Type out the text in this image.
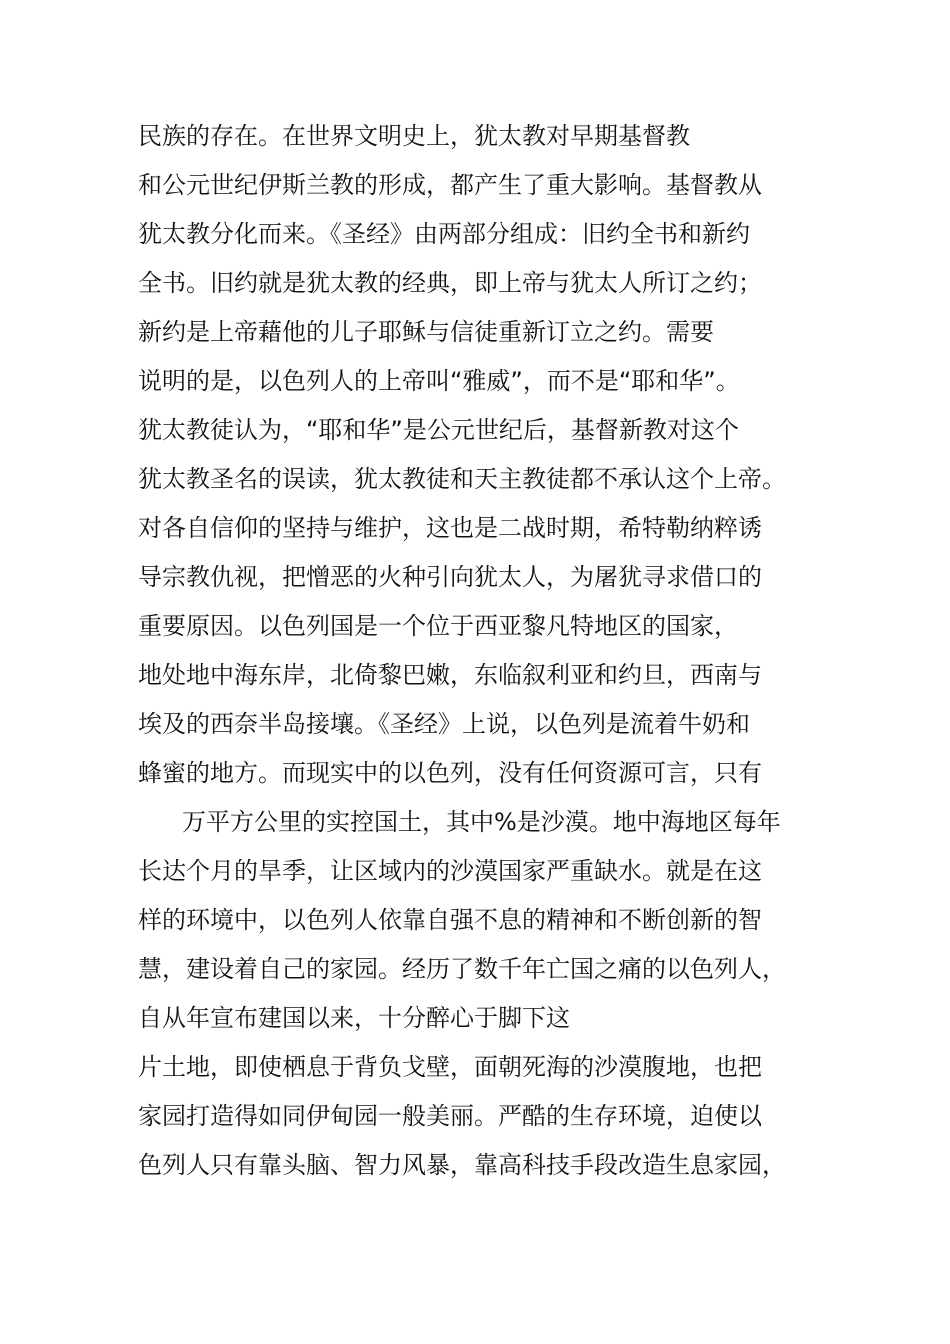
民族的存在。在世界文明史上，犹太教对早期基督教
和公元世纪伊斯兰教的形成，都产生了重大影响。基督教从
犹太教分化而来。《圣经》由两部分组成：旧约全书和新约
全书。旧约就是犹太教的经典，即上帝与犹太人所订之约；
新约是上帝藉他的儿子耶稣与信徒重新订立之约。需要
说明的是，以色列人的上帝叫“雅威”，而不是“耶和华”。
犹太教徒认为，“耶和华”是公元世纪后，基督新教对这个
犹太教圣名的误读，犹太教徒和天主教徒都不承认这个上帝。
对各自信仰的坚持与维护，这也是二战时期，希特勒纳粹诱
导宗教仇视，把憎恶的火种引向犹太人，为屠犹寻求借口的
重要原因。以色列国是一个位于西亚黎凡特地区的国家，
地处地中海东岸，北倚黎巴嫩，东临叙利亚和约旦，西南与
埃及的西奈半岛接壤。《圣经》上说，以色列是流着牛奶和
蜂蜜的地方。而现实中的以色列，没有任何资源可言，只有
万平方公里的实控国土，其中%是沙漠。地中海地区每年
长达个月的旱季，让区域内的沙漠国家严重缺水。就是在这
样的环境中，以色列人依靠自强不息的精神和不断创新的智
慧，建设着自己的家园。经历了数千年亡国之痛的以色列人，
自从年宣布建国以来，十分醉心于脚下这
片土地，即使栖息于背负戈壁，面朝死海的沙漠腹地，也把
家园打造得如同伊甸园一般美丽。严酷的生存环境，迫使以
色列人只有靠头脑、智力风暴，靠高科技手段改造生息家园，
